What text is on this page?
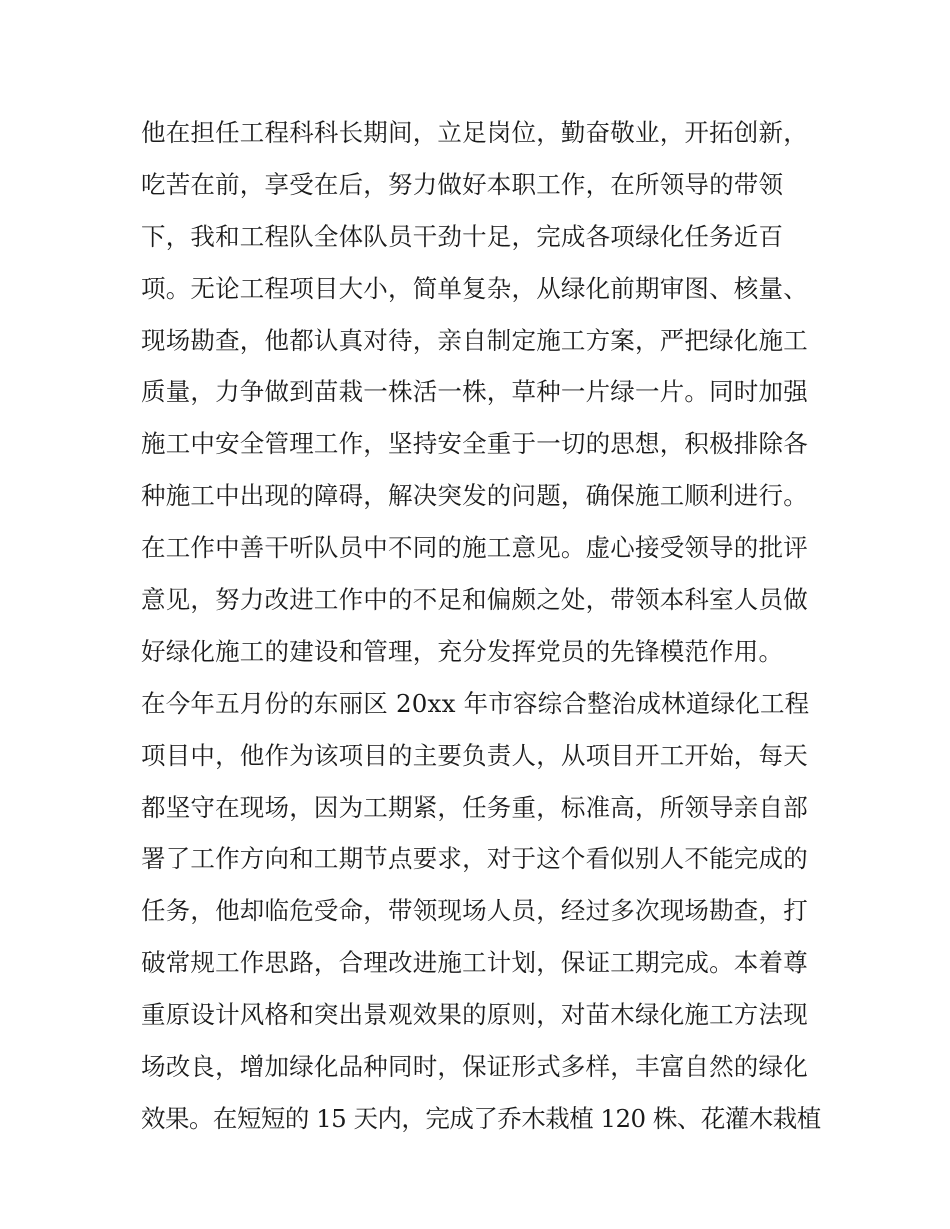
他在担任工程科科长期间，立足岗位，勤奋敬业，开拓创新，
吃苦在前，享受在后，努力做好本职工作，在所领导的带领
下，我和工程队全体队员干劲十足，完成各项绿化任务近百
项。无论工程项目大小，简单复杂，从绿化前期审图、核量、
现场勘查，他都认真对待，亲自制定施工方案，严把绿化施工
质量，力争做到苗栽一株活一株，草种一片绿一片。同时加强
施工中安全管理工作，坚持安全重于一切的思想，积极排除各
种施工中出现的障碍，解决突发的问题，确保施工顺利进行。
在工作中善干听队员中不同的施工意见。虚心接受领导的批评
意见，努力改进工作中的不足和偏颇之处，带领本科室人员做
好绿化施工的建设和管理，充分发挥党员的先锋模范作用。
在今年五月份的东丽区 20xx 年市容综合整治成林道绿化工程
项目中，他作为该项目的主要负责人，从项目开工开始，每天
都坚守在现场，因为工期紧，任务重，标准高，所领导亲自部
署了工作方向和工期节点要求，对于这个看似别人不能完成的
任务，他却临危受命，带领现场人员，经过多次现场勘查，打
破常规工作思路，合理改进施工计划，保证工期完成。本着尊
重原设计风格和突出景观效果的原则，对苗木绿化施工方法现
场改良，增加绿化品种同时，保证形式多样，丰富自然的绿化
效果。在短短的 15 天内，完成了乔木栽植 120 株、花灌木栽植
